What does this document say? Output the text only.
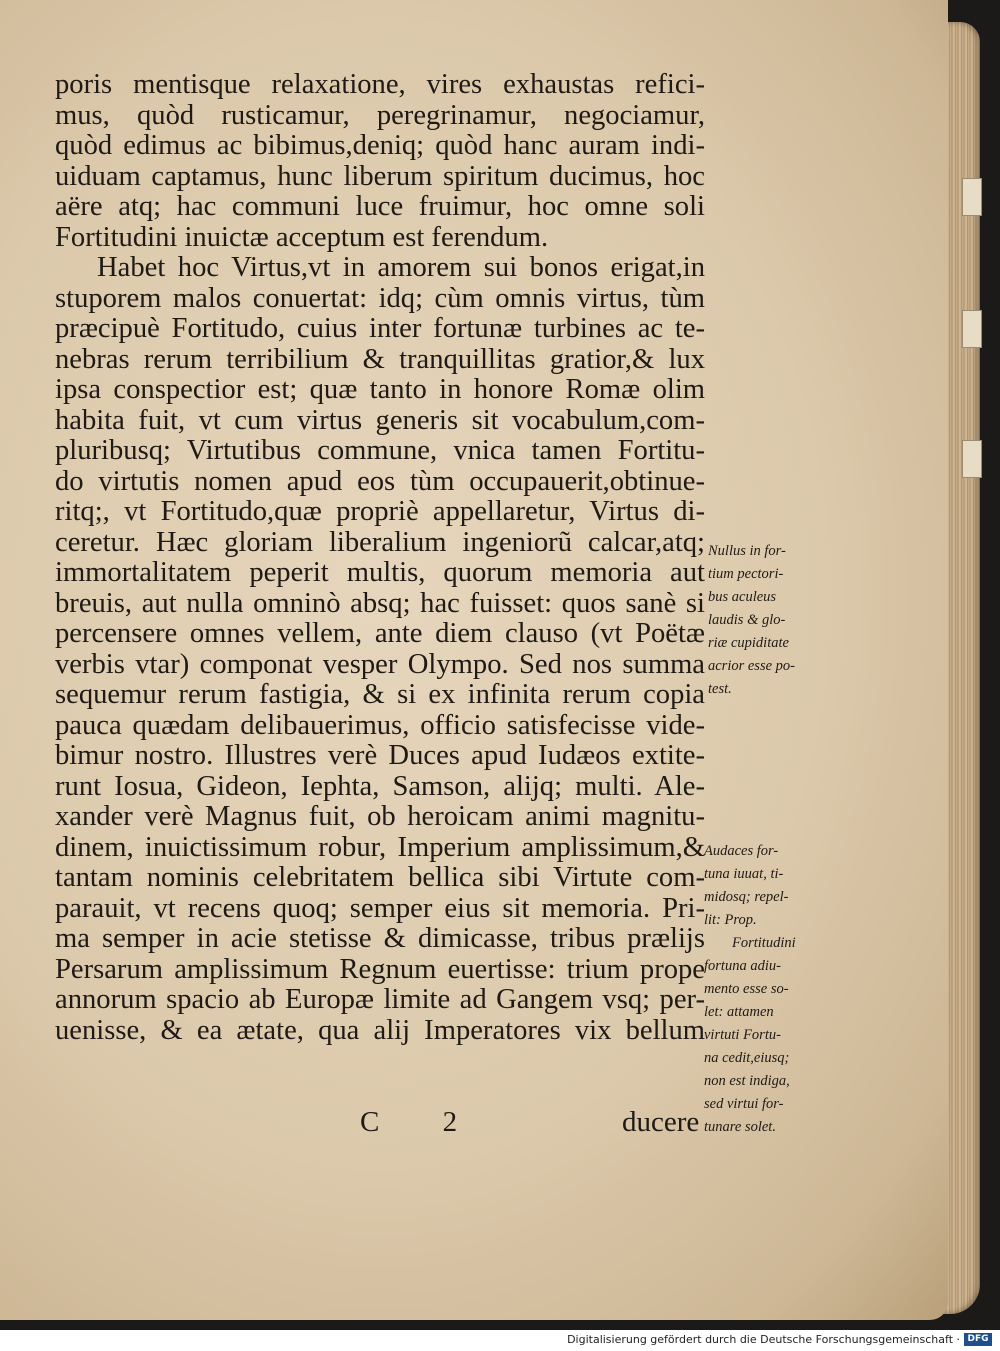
poris mentisque relaxatione, vires exhaustas refici-
mus, quòd rusticamur, peregrinamur, negociamur,
quòd edimus ac bibimus,deniq; quòd hanc auram indi-
uiduam captamus, hunc liberum spiritum ducimus, hoc
aëre atq; hac communi luce fruimur, hoc omne soli
Fortitudini inuictæ acceptum est ferendum.
Habet hoc Virtus,vt in amorem sui bonos erigat,in
stuporem malos conuertat: idq; cùm omnis virtus, tùm
præcipuè Fortitudo, cuius inter fortunæ turbines ac te-
nebras rerum terribilium & tranquillitas gratior,& lux
ipsa conspectior est; quæ tanto in honore Romæ olim
habita fuit, vt cum virtus generis sit vocabulum,com-
pluribusq; Virtutibus commune, vnica tamen Fortitu-
do virtutis nomen apud eos tùm occupauerit,obtinue-
ritq;, vt Fortitudo,quæ propriè appellaretur, Virtus di-
ceretur. Hæc gloriam liberalium ingeniorũ calcar,atq;
immortalitatem peperit multis, quorum memoria aut
breuis, aut nulla omninò absq; hac fuisset: quos sanè si
percensere omnes vellem, ante diem clauso (vt Poëtæ
verbis vtar) componat vesper Olympo. Sed nos summa
sequemur rerum fastigia, & si ex infinita rerum copia
pauca quædam delibauerimus, officio satisfecisse vide-
bimur nostro. Illustres verè Duces apud Iudæos extite-
runt Iosua, Gideon, Iephta, Samson, alijq; multi. Ale-
xander verè Magnus fuit, ob heroicam animi magnitu-
dinem, inuictissimum robur, Imperium amplissimum,&
tantam nominis celebritatem bellica sibi Virtute com-
parauit, vt recens quoq; semper eius sit memoria. Pri-
ma semper in acie stetisse & dimicasse, tribus prælijs
Persarum amplissimum Regnum euertisse: trium prope
annorum spacio ab Europæ limite ad Gangem vsq; per-
uenisse, & ea ætate, qua alij Imperatores vix bellum
C 2	ducere
Nullus in for-
tium pectori-
bus aculeus
laudis & glo-
riæ cupiditate
acrior esse po-
test.
Audaces for-
tuna iuuat, ti-
midosq; repel-
lit: Prop.
Fortitudini
fortuna adiu-
mento esse so-
let: attamen
virtuti Fortu-
na cedit,eiusq;
non est indiga,
sed virtui for-
tunare solet.
Digitalisierung gefördert durch die Deutsche Forschungsgemeinschaft · DFG
